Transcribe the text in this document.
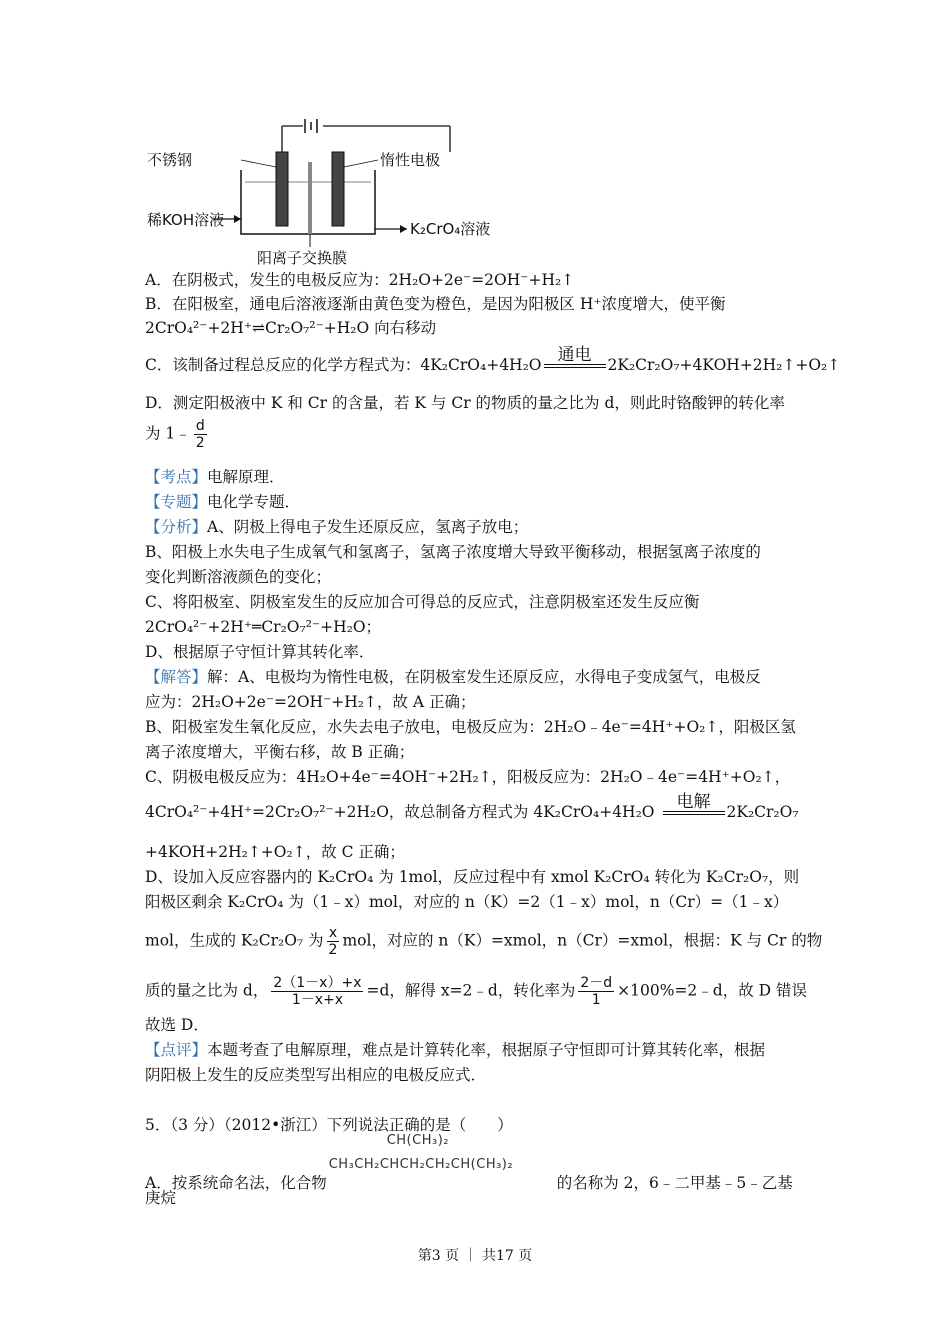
不锈钢	惰性电极
稀KOH溶液	K₂CrO₄溶液
阳离子交换膜
A．在阴极式，发生的电极反应为：2H₂O+2e⁻=2OH⁻+H₂↑
B．在阳极室，通电后溶液逐渐由黄色变为橙色，是因为阳极区 H⁺浓度增大，使平衡
2CrO₄²⁻+2H⁺⇌Cr₂O₇²⁻+H₂O 向右移动
C．该制备过程总反应的化学方程式为：4K₂CrO₄+4H₂O 通电	2K₂Cr₂O₇+4KOH+2H₂↑+O₂↑
D．测定阳极液中 K 和 Cr 的含量，若 K 与 Cr 的物质的量之比为 d，则此时铬酸钾的转化率
为 1﹣ $\frac{d}{2}$
【考点】电解原理．
【专题】电化学专题．
【分析】A、阴极上得电子发生还原反应，氢离子放电；
B、阳极上水失电子生成氧气和氢离子，氢离子浓度增大导致平衡移动，根据氢离子浓度的
变化判断溶液颜色的变化；
C、将阳极室、阴极室发生的反应加合可得总的反应式，注意阴极室还发生反应衡
2CrO₄²⁻+2H⁺═Cr₂O₇²⁻+H₂O；
D、根据原子守恒计算其转化率．
【解答】解：A、电极均为惰性电极，在阴极室发生还原反应，水得电子变成氢气，电极反
应为：2H₂O+2e⁻=2OH⁻+H₂↑，故 A 正确；
B、阳极室发生氧化反应，水失去电子放电，电极反应为：2H₂O﹣4e⁻=4H⁺+O₂↑，阳极区氢
离子浓度增大，平衡右移，故 B 正确；
C、阴极电极反应为：4H₂O+4e⁻=4OH⁻+2H₂↑，阳极反应为：2H₂O﹣4e⁻=4H⁺+O₂↑，
4CrO₄²⁻+4H⁺=2Cr₂O₇²⁻+2H₂O，故总制备方程式为 4K₂CrO₄+4H₂O	电解	2K₂Cr₂O₇
+4KOH+2H₂↑+O₂↑，故 C 正确；
D、设加入反应容器内的 K₂CrO₄ 为 1mol，反应过程中有 xmol K₂CrO₄ 转化为 K₂Cr₂O₇，则
阳极区剩余 K₂CrO₄ 为（1﹣x）mol，对应的 n（K）=2（1﹣x）mol，n（Cr）=（1﹣x）
mol，生成的 K₂Cr₂O₇ 为 $\frac{x}{2}$ mol，对应的 n（K）=xmol，n（Cr）=xmol，根据：K 与 Cr 的物
质的量之比为 d， $\frac{2(1-x)+x}{1-x+x} =d$，解得 x=2﹣d，转化率为 $\frac{2-d}{1}$ ×100%=2﹣d，故 D 错误
故选 D．
【点评】本题考查了电解原理，难点是计算转化率，根据原子守恒即可计算其转化率，根据
阴阳极上发生的反应类型写出相应的电极反应式．
5．（3 分）（2012•浙江）下列说法正确的是（　　）
A．按系统命名法，化合物
CH(CH₃)₂
CH₃CH₂CHCH₂CH₂CH(CH₃)₂
的名称为 2，6﹣二甲基﹣5﹣乙基
庚烷
第3 页 ｜ 共17 页
